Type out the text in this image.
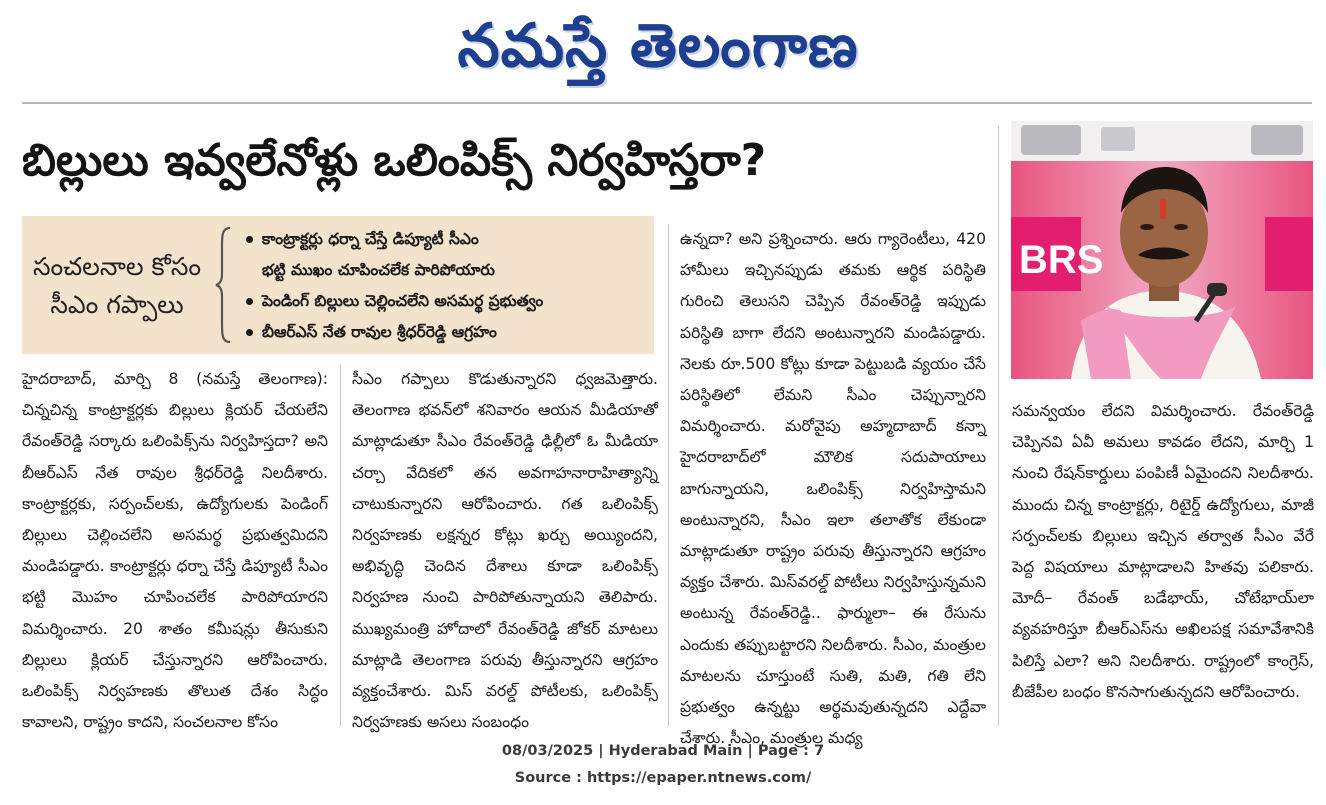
నమస్తే తెలంగాణ
బిల్లులు ఇవ్వలేనోళ్లు ఒలింపిక్స్ నిర్వహిస్తరా?
BRS
సంచలనాల కోసం సీఎం గప్పాలు
కాంట్రాక్టర్లు ధర్నా చేస్తే డిప్యూటీ సీఎం
భట్టి ముఖం చూపించలేక పారిపోయారు
పెండింగ్ బిల్లులు చెల్లించలేని అసమర్థ ప్రభుత్వం
బీఆర్ఎస్ నేత రావుల శ్రీధర్‌రెడ్డి ఆగ్రహం

హైదరాబాద్, మార్చి 8 (నమస్తే తెలంగాణ): చిన్నచిన్న కాంట్రాక్టర్లకు బిల్లులు క్లియర్ చేయలేని రేవంత్‌రెడ్డి సర్కారు ఒలింపిక్స్‌ను నిర్వహిస్తదా? అని బీఆర్ఎస్ నేత రావుల శ్రీధర్‌రెడ్డి నిలదీశారు. కాంట్రాక్టర్లకు, సర్పంచ్‌లకు, ఉద్యోగులకు పెండింగ్ బిల్లులు చెల్లించలేని అసమర్థ ప్రభుత్వమిదని మండిపడ్డారు. కాంట్రాక్టర్లు ధర్నా చేస్తే డిప్యూటీ సీఎం భట్టి మొహం చూపించలేక పారిపోయారని విమర్శించారు. 20 శాతం కమీషన్లు తీసుకుని బిల్లులు క్లియర్ చేస్తున్నారని ఆరోపించారు. ఒలింపిక్స్ నిర్వహణకు తొలుత దేశం సిద్ధం కావాలని, రాష్ట్రం కాదని, సంచలనాల కోసం

సీఎం గప్పాలు కొడుతున్నారని ధ్వజమెత్తారు. తెలంగాణ భవన్‌లో శనివారం ఆయన మీడియాతో మాట్లాడుతూ సీఎం రేవంత్‌రెడ్డి ఢిల్లీలో ఓ మీడియా చర్చా వేదికలో తన అవగాహనారాహిత్యాన్ని చాటుకున్నారని ఆరోపించారు. గత ఒలింపిక్స్ నిర్వహణకు లక్షన్నర కోట్లు ఖర్చు అయ్యిందని, అభివృద్ధి చెందిన దేశాలు కూడా ఒలింపిక్స్ నిర్వహణ నుంచి పారిపోతున్నాయని తెలిపారు. ముఖ్యమంత్రి హోదాలో రేవంత్‌రెడ్డి జోకర్ మాటలు మాట్లాడి తెలంగాణ పరువు తీస్తున్నారని ఆగ్రహం వ్యక్తంచేశారు. మిస్ వరల్డ్ పోటీలకు, ఒలింపిక్స్ నిర్వహణకు అసలు సంబంధం

ఉన్నదా? అని ప్రశ్నించారు. ఆరు గ్యారెంటీలు, 420 హామీలు ఇచ్చినప్పుడు తమకు ఆర్థిక పరిస్థితి గురించి తెలుసని చెప్పిన రేవంత్‌రెడ్డి ఇప్పుడు పరిస్థితి బాగా లేదని అంటున్నారని మండిపడ్డారు. నెలకు రూ.500 కోట్లు కూడా పెట్టుబడి వ్యయం చేసే పరిస్థితిలో లేమని సీఎం చెప్పున్నారని విమర్శించారు. మరోవైపు అహ్మదాబాద్ కన్నా హైదరాబాద్‌లో మౌలిక సదుపాయాలు బాగున్నాయని, ఒలింపిక్స్ నిర్వహిస్తామని అంటున్నారని, సీఎం ఇలా తలాతోక లేకుండా మాట్లాడుతూ రాష్ట్రం పరువు తీస్తున్నారని ఆగ్రహం వ్యక్తం చేశారు. మిస్‌వరల్డ్ పోటీలు నిర్వహిస్తున్నమని అంటున్న రేవంత్‌రెడ్డి.. ఫార్ములా– ఈ రేసును ఎందుకు తప్పుబట్టారని నిలదీశారు. సీఎం, మంత్రుల మాటలను చూస్తుంటే సుతి, మతి, గతి లేని ప్రభుత్వం ఉన్నట్టు అర్థమవుతున్నదని ఎద్దేవా చేశారు. సీఎం, మంత్రుల మధ్య

సమన్వయం లేదని విమర్శించారు. రేవంత్‌రెడ్డి చెప్పినవి ఏవీ అమలు కావడం లేదని, మార్చి 1 నుంచి రేషన్‌కార్డులు పంపిణీ ఏమైందని నిలదీశారు. ముందు చిన్న కాంట్రాక్టర్లు, రిటైర్డ్ ఉద్యోగులు, మాజీ సర్పంచ్‌లకు బిల్లులు ఇచ్చిన తర్వాత సీఎం వేరే పెద్ద విషయాలు మాట్లాడాలని హితవు పలికారు. మోదీ– రేవంత్ బడేభాయ్, చోటేభాయ్‌లా వ్యవహరిస్తూ బీఆర్ఎస్‌ను అఖిలపక్ష సమావేశానికి పిలిస్తే ఎలా? అని నిలదీశారు. రాష్ట్రంలో కాంగ్రెస్, బీజేపీల బంధం కొనసాగుతున్నదని ఆరోపించారు.

08/03/2025 | Hyderabad Main | Page : 7
Source : https://epaper.ntnews.com/
